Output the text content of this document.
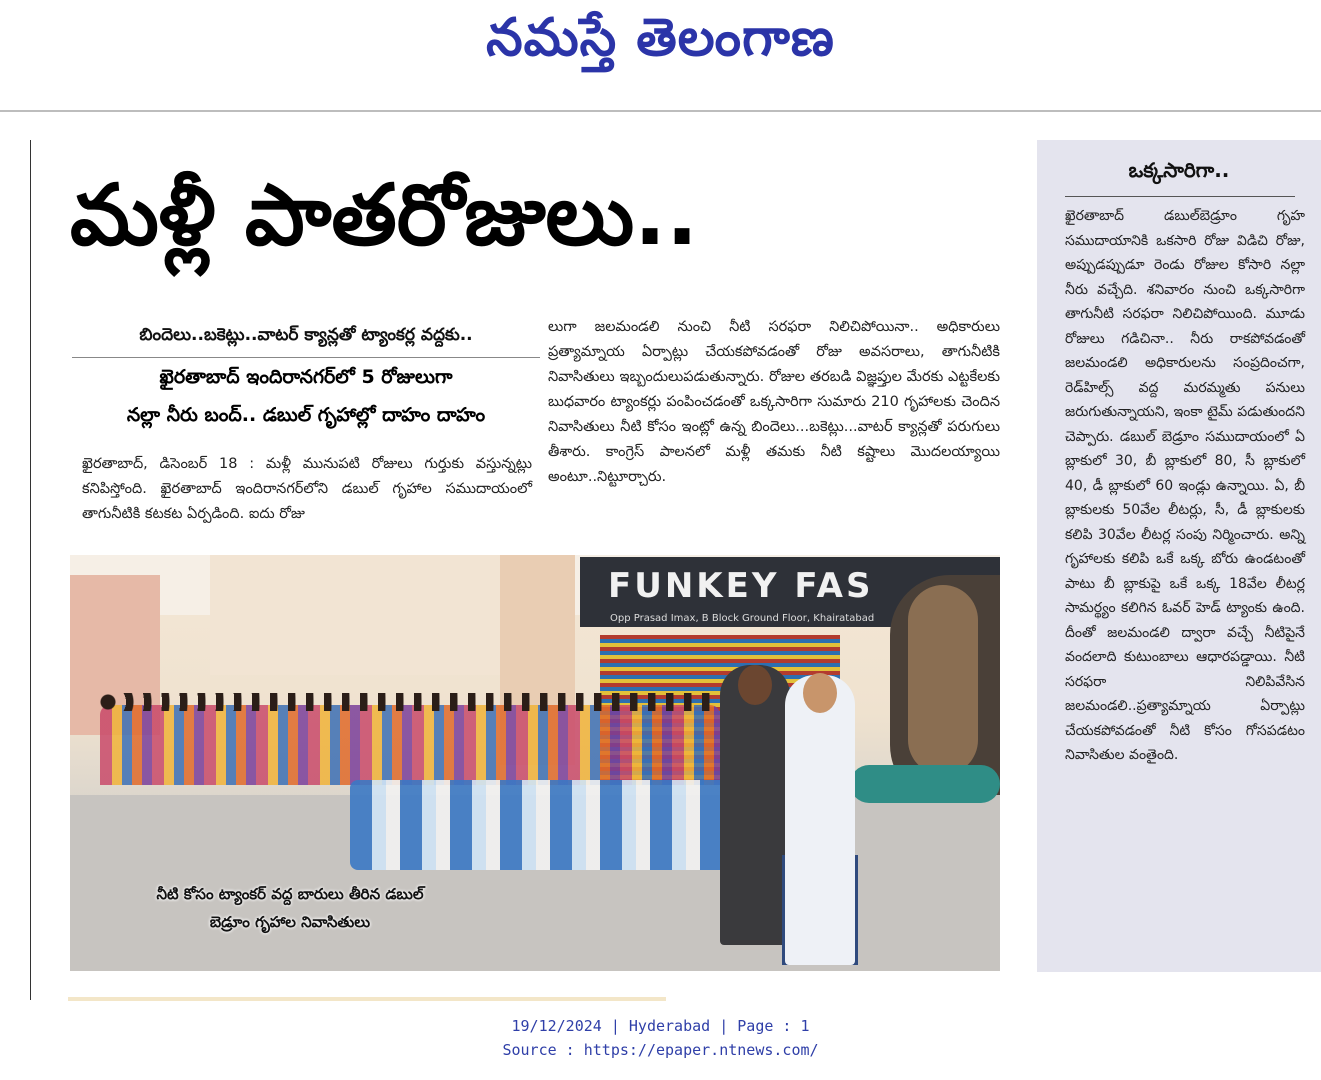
నమస్తే తెలంగాణ
మళ్లీ పాతరోజులు..
బిందెలు..బకెట్లు..వాటర్ క్యాన్లతో ట్యాంకర్ల వద్దకు..
ఖైరతాబాద్ ఇందిరానగర్‌లో 5 రోజులుగా
నల్లా నీరు బంద్.. డబుల్ గృహాల్లో దాహం దాహం

ఖైరతాబాద్, డిసెంబర్ 18 : మళ్లీ మునుపటి రోజులు గుర్తుకు వస్తున్నట్లు కనిపిస్తోంది. ఖైరతాబాద్ ఇందిరానగర్‌లోని డబుల్ గృహాల సముదాయంలో తాగునీటికి కటకట ఏర్పడింది. ఐదు రోజు

లుగా జలమండలి నుంచి నీటి సరఫరా నిలిచిపోయినా.. అధికారులు ప్రత్యామ్నాయ ఏర్పాట్లు చేయకపోవడంతో రోజు అవసరాలు, తాగునీటికి నివాసితులు ఇబ్బందులుపడుతున్నారు. రోజుల తరబడి విజ్ఞప్తుల మేరకు ఎట్టకేలకు బుధవారం ట్యాంకర్లు పంపించడంతో ఒక్కసారిగా సుమారు 210 గృహాలకు చెందిన నివాసితులు నీటి కోసం ఇంట్లో ఉన్న బిందెలు...బకెట్లు...వాటర్ క్యాన్లతో పరుగులు తీశారు. కాంగ్రెస్ పాలనలో మళ్లీ తమకు నీటి కష్టాలు మొదలయ్యాయి అంటూ..నిట్టూర్చారు.

FUNKEY FAS
Opp Prasad Imax, B Block Ground Floor, Khairatabad
నీటి కోసం ట్యాంకర్ వద్ద బారులు తీరిన డబుల్
బెడ్రూం గృహాల నివాసితులు
ఒక్కసారిగా..

ఖైరతాబాద్ డబుల్‌బెడ్రూం గృహ సముదాయానికి ఒకసారి రోజు విడిచి రోజు, అప్పుడప్పుడూ రెండు రోజుల కోసారి నల్లా నీరు వచ్చేది. శనివారం నుంచి ఒక్కసారిగా తాగునీటి సరఫరా నిలిచిపోయింది. మూడు రోజులు గడిచినా.. నీరు రాకపోవడంతో జలమండలి అధికారులను సంప్రదించగా, రెడ్‌హిల్స్ వద్ద మరమ్మతు పనులు జరుగుతున్నాయని, ఇంకా టైమ్ పడుతుందని చెప్పారు. డబుల్ బెడ్రూం సముదాయంలో ఏ బ్లాకులో 30, బీ బ్లాకులో 80, సీ బ్లాకులో 40, డీ బ్లాకులో 60 ఇండ్లు ఉన్నాయి. ఏ, బీ బ్లాకులకు 50వేల లీటర్లు, సీ, డీ బ్లాకులకు కలిపి 30వేల లీటర్ల సంపు నిర్మించారు. అన్ని గృహాలకు కలిపి ఒకే ఒక్క బోరు ఉండటంతో పాటు బీ బ్లాకుపై ఒకే ఒక్క 18వేల లీటర్ల సామర్థ్యం కలిగిన ఓవర్ హెడ్ ట్యాంకు ఉంది. దీంతో జలమండలి ద్వారా వచ్చే నీటిపైనే వందలాది కుటుంబాలు ఆధారపడ్డాయి. నీటి సరఫరా నిలిపివేసిన జలమండలి..ప్రత్యామ్నాయ ఏర్పాట్లు చేయకపోవడంతో నీటి కోసం గోసపడటం నివాసితుల వంతైంది.

19/12/2024 | Hyderabad | Page : 1
Source : https://epaper.ntnews.com/
